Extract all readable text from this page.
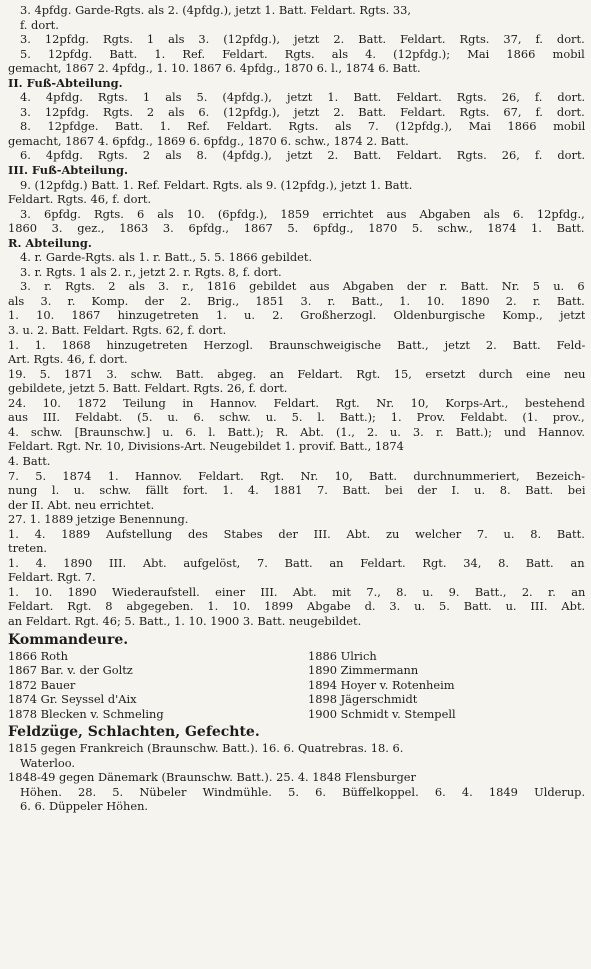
3. 4pfdg. Garde-Rgts. als 2. (4pfdg.), jetzt 1. Batt. Feldart. Rgts. 33,
f. dort.
3. 12pfdg. Rgts. 1 als 3. (12pfdg.), jetzt 2. Batt. Feldart. Rgts. 37, f. dort.
5. 12pfdg. Batt. 1. Ref. Feldart. Rgts. als 4. (12pfdg.); Mai 1866 mobil
gemacht, 1867 2. 4pfdg., 1. 10. 1867 6. 4pfdg., 1870 6. l., 1874 6. Batt.
II. Fuß-Abteilung.
4. 4pfdg. Rgts. 1 als 5. (4pfdg.), jetzt 1. Batt. Feldart. Rgts. 26, f. dort.
3. 12pfdg. Rgts. 2 als 6. (12pfdg.), jetzt 2. Batt. Feldart. Rgts. 67, f. dort.
8. 12pfdge. Batt. 1. Ref. Feldart. Rgts. als 7. (12pfdg.), Mai 1866 mobil
gemacht, 1867 4. 6pfdg., 1869 6. 6pfdg., 1870 6. schw., 1874 2. Batt.
6. 4pfdg. Rgts. 2 als 8. (4pfdg.), jetzt 2. Batt. Feldart. Rgts. 26, f. dort.
III. Fuß-Abteilung.
9. (12pfdg.) Batt. 1. Ref. Feldart. Rgts. als 9. (12pfdg.), jetzt 1. Batt.
Feldart. Rgts. 46, f. dort.
3. 6pfdg. Rgts. 6 als 10. (6pfdg.), 1859 errichtet aus Abgaben als 6. 12pfdg.,
1860 3. gez., 1863 3. 6pfdg., 1867 5. 6pfdg., 1870 5. schw., 1874 1. Batt.
R. Abteilung.
4. r. Garde-Rgts. als 1. r. Batt., 5. 5. 1866 gebildet.
3. r. Rgts. 1 als 2. r., jetzt 2. r. Rgts. 8, f. dort.
3. r. Rgts. 2 als 3. r., 1816 gebildet aus Abgaben der r. Batt. Nr. 5 u. 6
als 3. r. Komp. der 2. Brig., 1851 3. r. Batt., 1. 10. 1890 2. r. Batt.
1. 10. 1867 hinzugetreten 1. u. 2. Großherzogl. Oldenburgische Komp., jetzt
3. u. 2. Batt. Feldart. Rgts. 62, f. dort.
1. 1. 1868 hinzugetreten Herzogl. Braunschweigische Batt., jetzt 2. Batt. Feld-
Art. Rgts. 46, f. dort.
19. 5. 1871 3. schw. Batt. abgeg. an Feldart. Rgt. 15, ersetzt durch eine neu
gebildete, jetzt 5. Batt. Feldart. Rgts. 26, f. dort.
24. 10. 1872 Teilung in Hannov. Feldart. Rgt. Nr. 10, Korps-Art., bestehend
aus III. Feldabt. (5. u. 6. schw. u. 5. l. Batt.); 1. Prov. Feldabt. (1. prov.,
4. schw. [Braunschw.] u. 6. l. Batt.); R. Abt. (1., 2. u. 3. r. Batt.); und Hannov.
Feldart. Rgt. Nr. 10, Divisions-Art. Neugebildet 1. provif. Batt., 1874
4. Batt.
7. 5. 1874 1. Hannov. Feldart. Rgt. Nr. 10, Batt. durchnummeriert, Bezeich-
nung l. u. schw. fällt fort. 1. 4. 1881 7. Batt. bei der I. u. 8. Batt. bei
der II. Abt. neu errichtet.
27. 1. 1889 jetzige Benennung.
1. 4. 1889 Aufstellung des Stabes der III. Abt. zu welcher 7. u. 8. Batt.
treten.
1. 4. 1890 III. Abt. aufgelöst, 7. Batt. an Feldart. Rgt. 34, 8. Batt. an
Feldart. Rgt. 7.
1. 10. 1890 Wiederaufstell. einer III. Abt. mit 7., 8. u. 9. Batt., 2. r. an
Feldart. Rgt. 8 abgegeben. 1. 10. 1899 Abgabe d. 3. u. 5. Batt. u. III. Abt.
an Feldart. Rgt. 46; 5. Batt., 1. 10. 1900 3. Batt. neugebildet.
Kommandeure.
1866 Roth
1867 Bar. v. der Goltz
1872 Bauer
1874 Gr. Seyssel d'Aix
1878 Blecken v. Schmeling
1886 Ulrich
1890 Zimmermann
1894 Hoyer v. Rotenheim
1898 Jägerschmidt
1900 Schmidt v. Stempell
Feldzüge, Schlachten, Gefechte.
1815 gegen Frankreich (Braunschw. Batt.). 16. 6. Quatrebras. 18. 6.
Waterloo.
1848-49 gegen Dänemark (Braunschw. Batt.). 25. 4. 1848 Flensburger
Höhen. 28. 5. Nübeler Windmühle. 5. 6. Büffelkoppel. 6. 4. 1849 Ulderup.
6. 6. Düppeler Höhen.
